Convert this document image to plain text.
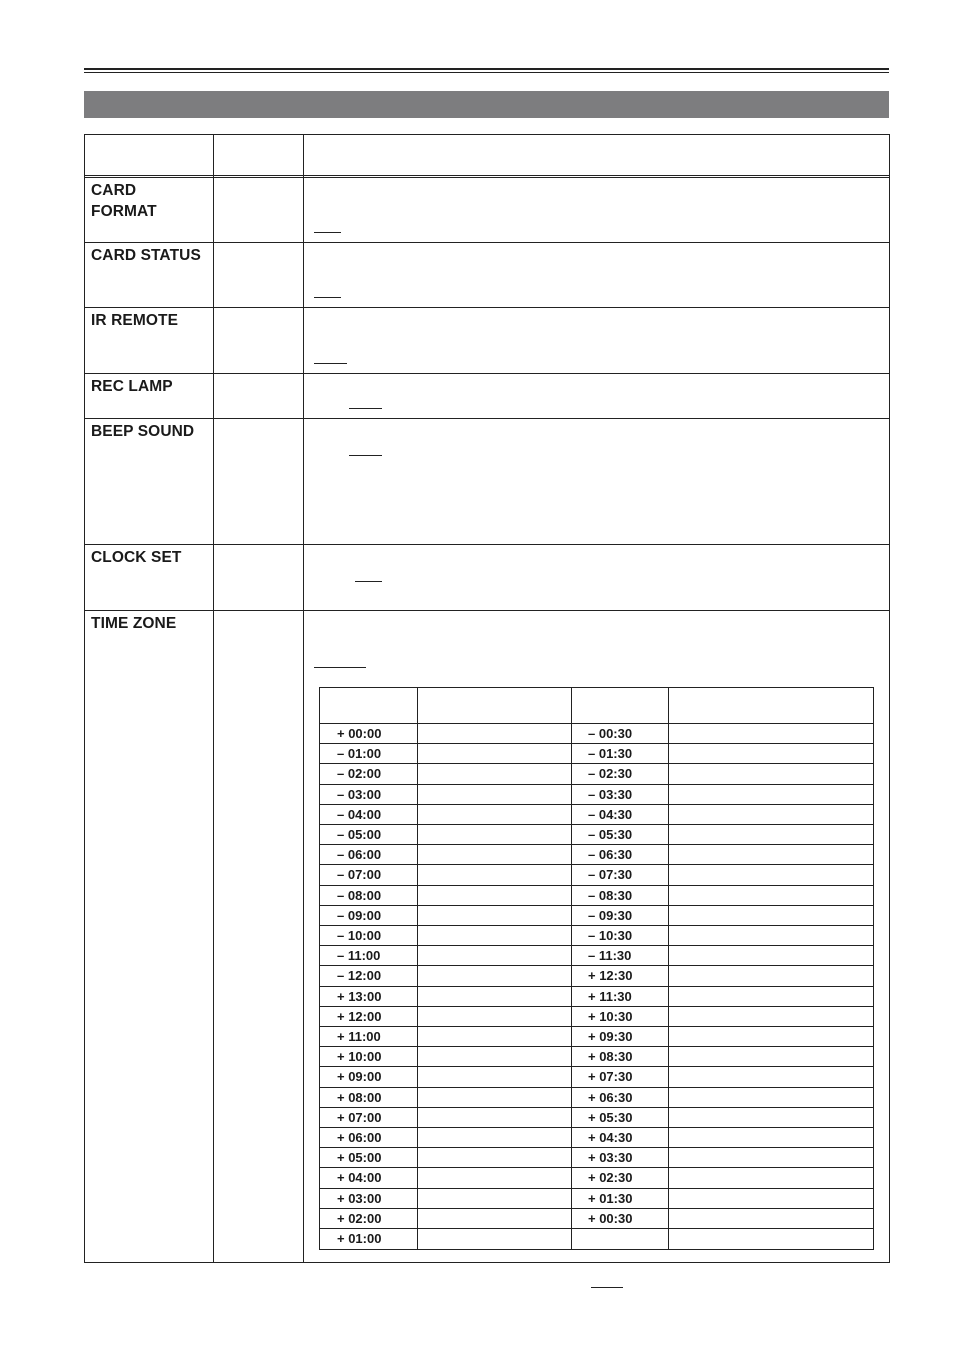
CARD
FORMAT
CARD STATUS
IR REMOTE
REC LAMP
BEEP SOUND
CLOCK SET
TIME ZONE
+ 00:00	– 00:30
– 01:00	– 01:30
– 02:00	– 02:30
– 03:00	– 03:30
– 04:00	– 04:30
– 05:00	– 05:30
– 06:00	– 06:30
– 07:00	– 07:30
– 08:00	– 08:30
– 09:00	– 09:30
– 10:00	– 10:30
– 11:00	– 11:30
– 12:00	+ 12:30
+ 13:00	+ 11:30
+ 12:00	+ 10:30
+ 11:00	+ 09:30
+ 10:00	+ 08:30
+ 09:00	+ 07:30
+ 08:00	+ 06:30
+ 07:00	+ 05:30
+ 06:00	+ 04:30
+ 05:00	+ 03:30
+ 04:00	+ 02:30
+ 03:00	+ 01:30
+ 02:00	+ 00:30
+ 01:00
